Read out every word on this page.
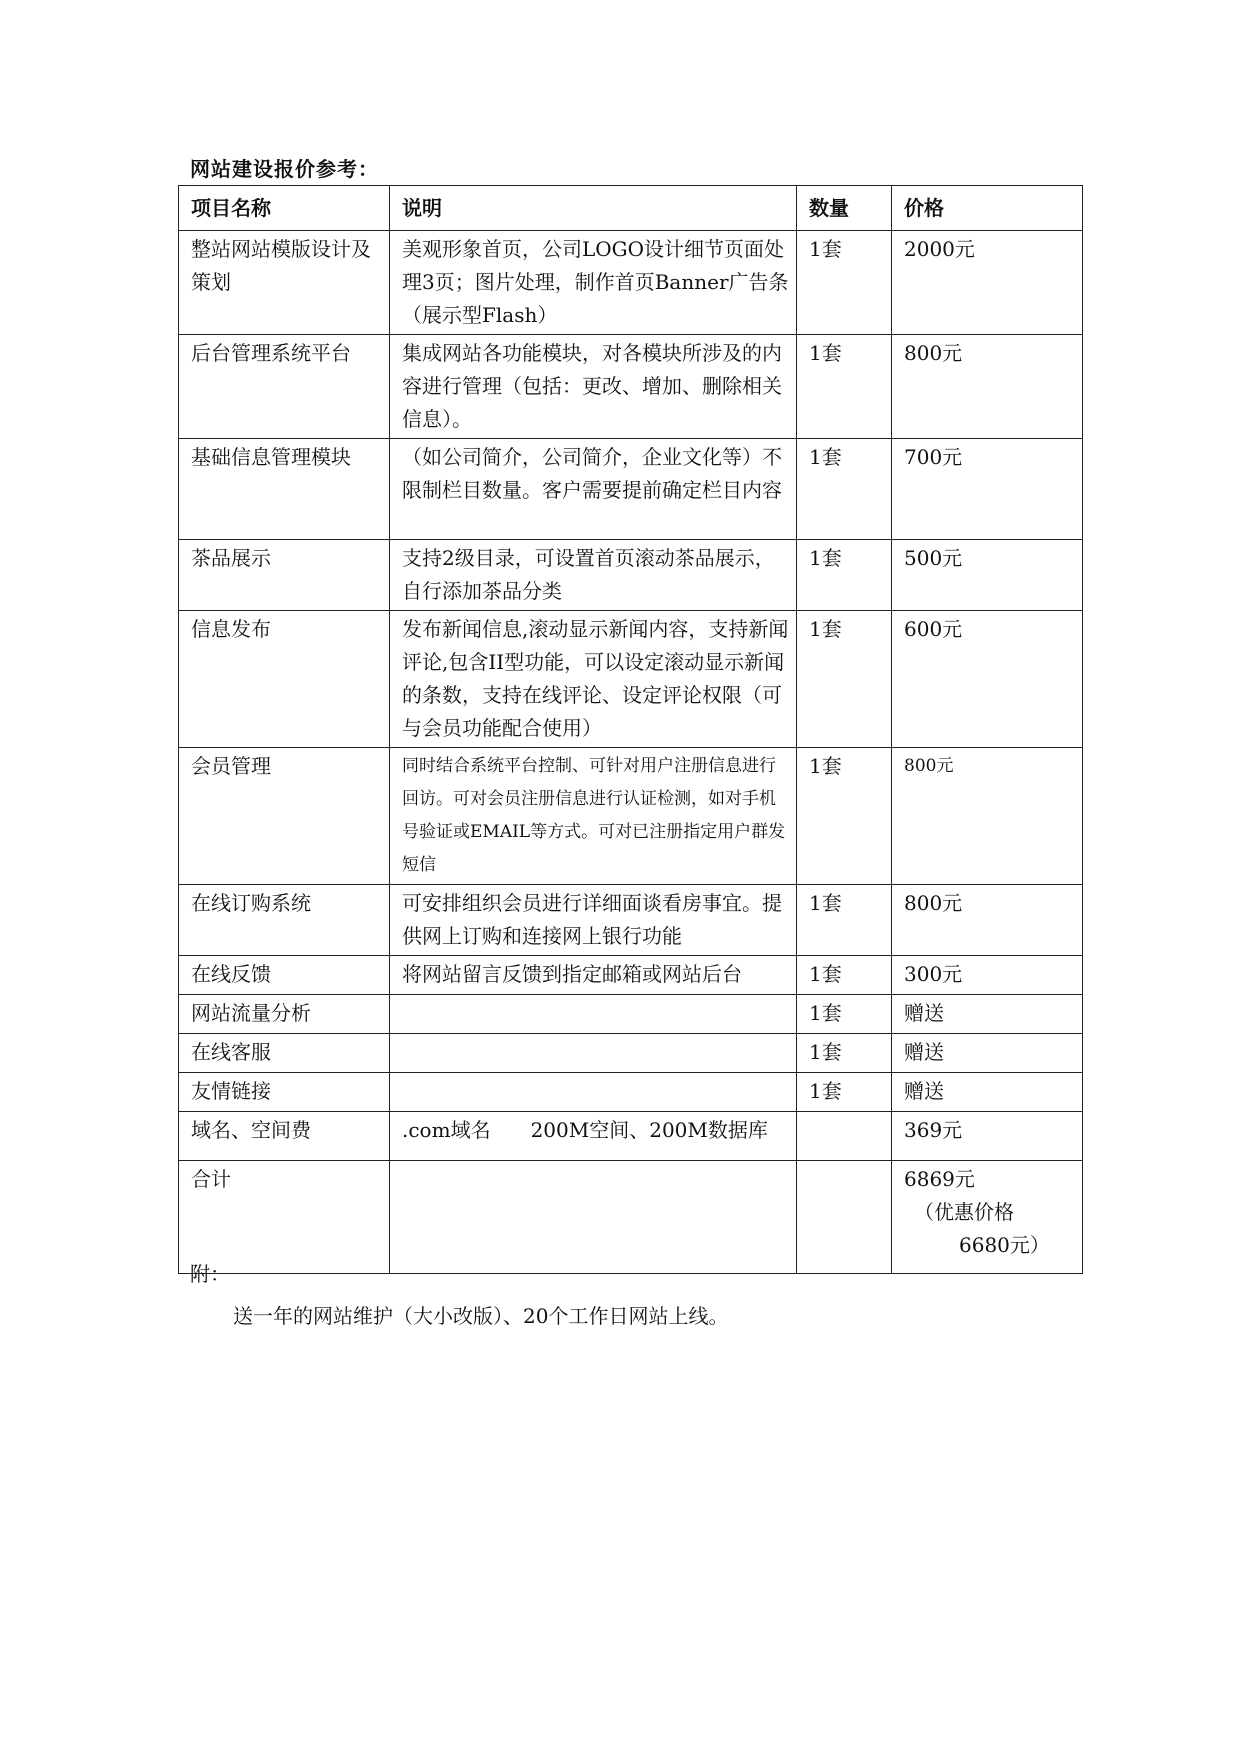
网站建设报价参考：
项目名称	说明	数量	价格
整站网站模版设计及策划	美观形象首页，公司LOGO设计细节页面处理3页；图片处理，制作首页Banner广告条（展示型Flash）	1套	2000元
后台管理系统平台	集成网站各功能模块，对各模块所涉及的内容进行管理（包括：更改、增加、删除相关信息）。	1套	800元
基础信息管理模块	（如公司简介，公司简介，企业文化等）不限制栏目数量。客户需要提前确定栏目内容	1套	700元
茶品展示	支持2级目录，可设置首页滚动茶品展示，自行添加茶品分类	1套	500元
信息发布	发布新闻信息,滚动显示新闻内容，支持新闻评论,包含II型功能，可以设定滚动显示新闻的条数，支持在线评论、设定评论权限（可与会员功能配合使用）	1套	600元
会员管理	同时结合系统平台控制、可针对用户注册信息进行回访。可对会员注册信息进行认证检测，如对手机号验证或EMAIL等方式。可对已注册指定用户群发短信	1套	800元
在线订购系统	可安排组织会员进行详细面谈看房事宜。提供网上订购和连接网上银行功能	1套	800元
在线反馈	将网站留言反馈到指定邮箱或网站后台	1套	300元
网站流量分析		1套	赠送
在线客服		1套	赠送
友情链接		1套	赠送
域名、空间费	.com域名　　200M空间、200M数据库		369元
合计			6869元
（优惠价格
6680元）
附：
送一年的网站维护（大小改版）、20个工作日网站上线。
